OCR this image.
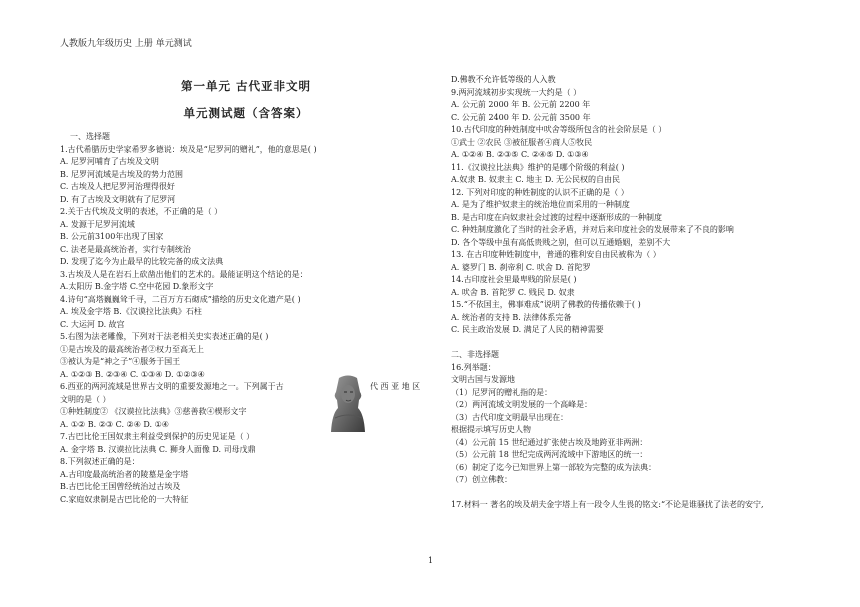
人教版九年级历史 上册 单元测试
第一单元 古代亚非文明
单元测试题（含答案）
一、选择题
1.古代希腊历史学家希罗多德说：埃及是“尼罗河的赠礼”，他的意思是( )
A. 尼罗河哺育了古埃及文明
B. 尼罗河流域是古埃及的势力范围
C. 古埃及人把尼罗河治理得很好
D. 有了古埃及文明就有了尼罗河
2.关于古代埃及文明的表述，不正确的是（ ）
A. 发源于尼罗河流域
B. 公元前3100年出现了国家
C. 法老是最高统治者，实行专制统治
D. 发现了迄今为止最早的比较完备的成文法典
3.古埃及人是在岩石上砍凿出他们的艺术的。最能证明这个结论的是：
A.太阳历 B.金字塔 C.空中花园 D.象形文字
4.诗句“高塔巍巍耸千寻，二百万方石砌成”描绘的历史文化遗产是( )
A. 埃及金字塔 B.《汉谟拉比法典》石柱
C. 大运河 D. 故宫
5.右图为法老雕像，下列对于法老相关史实表述正确的是( )
①是古埃及的最高统治者②权力至高无上
③被认为是“神之子”④服务于国王
A. ①②③ B. ②③④ C. ①③④ D. ①②③④
6.西亚的两河流域是世界古文明的重要发源地之一。下列属于古	代 西 亚 地 区
文明的是（ ）
①种姓制度② 《汉谟拉比法典》③慈善救④楔形文字
A. ①② B. ②③ C. ②④ D. ①④
7.古巴比伦王国奴隶主利益受到保护的历史见证是（ ）
A. 金字塔 B. 汉谟拉比法典 C. 狮身人面像 D. 司母戊鼎
8.下列叙述正确的是：
A.古印度最高统治者的陵墓是金字塔
B.古巴比伦王国曾经统治过古埃及
C.家庭奴隶制是古巴比伦的一大特征
D.佛教不允许低等级的人入教
9.两河流域初步实现统一大约是（ ）
A. 公元前 2000 年 B. 公元前 2200 年
C. 公元前 2400 年 D. 公元前 3500 年
10.古代印度的种姓制度中吠舍等级所包含的社会阶层是（ ）
①武士 ②农民 ③被征服者④商人⑤牧民
A. ①②④ B. ②③⑤ C. ②④⑤ D. ①③④
11.《汉谟拉比法典》维护的是哪个阶级的利益( )
A.奴隶 B. 奴隶主 C. 地主 D. 无公民权的自由民
12. 下列对印度的种姓制度的认识不正确的是（ ）
A. 是为了维护奴隶主的统治地位而采用的一种制度
B. 是古印度在向奴隶社会过渡的过程中逐渐形成的一种制度
C. 种姓制度激化了当时的社会矛盾，并对后来印度社会的发展带来了不良的影响
D. 各个等级中虽有高低贵贱之别，但可以互通婚姻，差别不大
13. 在古印度种姓制度中，普通的雅利安自由民被称为（ ）
A. 婆罗门 B. 刹帝利 C. 吠舍 D. 首陀罗
14.古印度社会里最卑贱的阶层是( )
A. 吠舍 B. 首陀罗 C. 贱民 D. 奴隶
15.“不依国主，佛事难成”说明了佛教的传播依赖于( )
A. 统治者的支持 B. 法律体系完备
C. 民主政治发展 D. 满足了人民的精神需要
二、非选择题
16.列举题：
文明古国与发源地
（1）尼罗河的赠礼指的是：
（2）两河流域文明发展的一个高峰是：
（3）古代印度文明最早出现在：
根据提示填写历史人物
（4）公元前 15 世纪通过扩张使古埃及地跨亚非两洲：
（5）公元前 18 世纪完成两河流域中下游地区的统一：
（6）制定了迄今已知世界上第一部较为完整的成为法典：
（7）创立佛教：
17.材料一 著名的埃及胡夫金字塔上有一段令人生畏的铭文:“不论是谁骚扰了法老的安宁,
1
